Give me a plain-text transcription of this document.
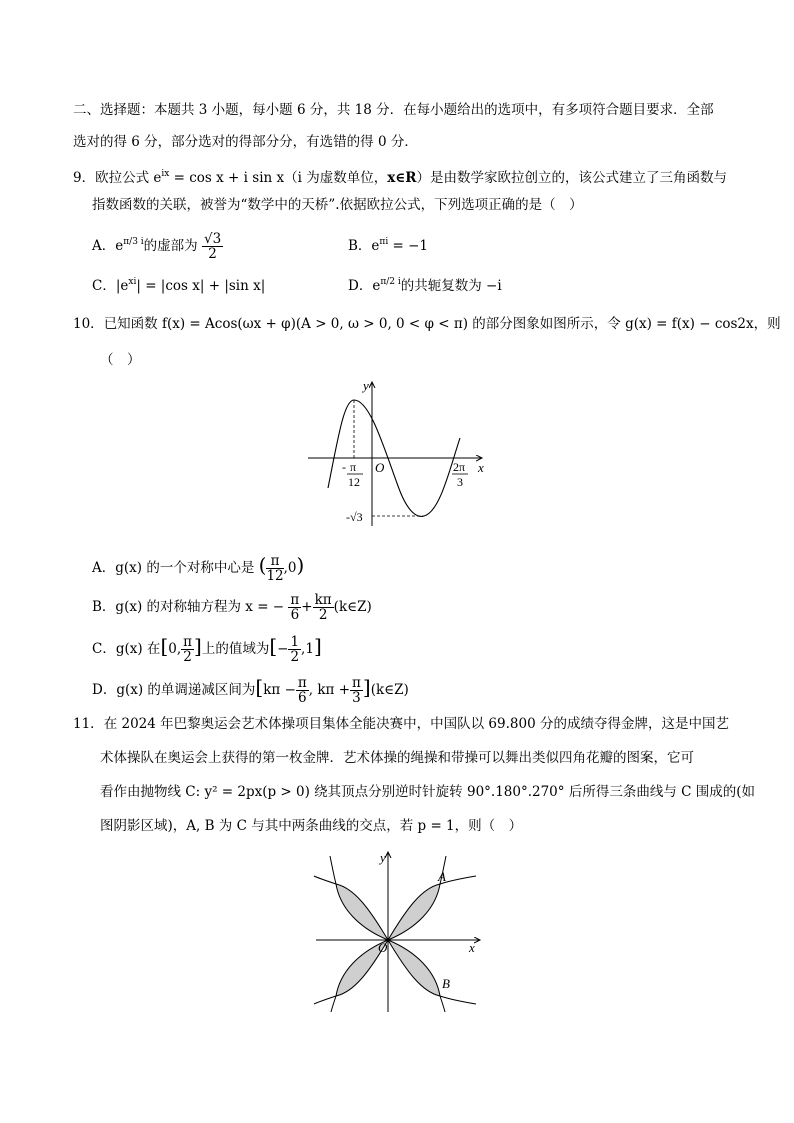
二、选择题：本题共 3 小题，每小题 6 分，共 18 分．在每小题给出的选项中，有多项符合题目要求．全部
选对的得 6 分，部分选对的得部分分，有选错的得 0 分．
9．欧拉公式 $e^{ix} = \cos x + i$ sin x（i 为虚数单位，x∈R）是由数学家欧拉创立的，该公式建立了三角函数与
指数函数的关联，被誉为“数学中的天桥”.依据欧拉公式，下列选项正确的是（　）
A．$e^{\pi/3 i}$的虚部为 $\frac{√3}{2}$	B．$e^{\pi i} = -1$
C．$|e^{xi}| = |\cos$ x| + |sin x|	D．$e^{\pi/2 i}$的共轭复数为 −i
10．已知函数 f(x) = Acos(ωx + φ)(A > 0, ω > 0, 0 < φ < π) 的部分图象如图所示，令 g(x) = f(x) − cos2x，则
（　）
y
x
O
- π
12
2π
3
-√3
A．g(x) 的一个对称中心是 ( $\frac{\pi}{12} ,0$)
B．g(x) 的对称轴方程为 x = − $\frac{\pi}{6} + \frac{k\pi}{2}$ (k∈Z)
C．g(x) 在[0, $\frac{\pi}{2}$ ]上的值域为[− $\frac{1}{2} ,1$]
D．g(x) 的单调递减区间为[$k\pi - \frac{\pi}{6}$ , $k\pi + \frac{\pi}{3}$ ](k∈Z)
11．在 2024 年巴黎奥运会艺术体操项目集体全能决赛中，中国队以 69.800 分的成绩夺得金牌，这是中国艺
术体操队在奥运会上获得的第一枚金牌．艺术体操的绳操和带操可以舞出类似四角花瓣的图案，它可
看作由抛物线 C: y² = 2px(p > 0) 绕其顶点分别逆时针旋转 90°.180°.270° 后所得三条曲线与 C 围成的(如
图阴影区域)，A, B 为 C 与其中两条曲线的交点，若 p = 1，则（　）
y
x
O
A
B
